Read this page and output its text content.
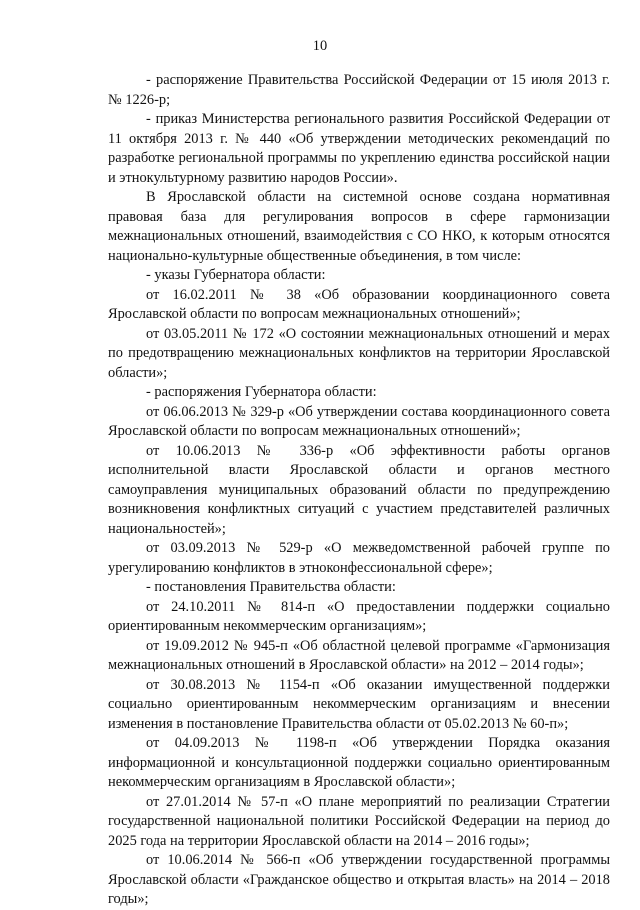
10

- распоряжение Правительства Российской Федерации от 15 июля 2013 г. № 1226-р;

- приказ Министерства регионального развития Российской Федерации от 11 октября 2013 г. № 440 «Об утверждении методических рекомендаций по разработке региональной программы по укреплению единства российской нации и этнокультурному развитию народов России».

В Ярославской области на системной основе создана нормативная правовая база для регулирования вопросов в сфере гармонизации межнациональных отношений, взаимодействия с СО НКО, к которым относятся национально-культурные общественные объединения, в том числе:

- указы Губернатора области:

от 16.02.2011 № 38 «Об образовании координационного совета Ярославской области по вопросам межнациональных отношений»;

от 03.05.2011 № 172 «О состоянии межнациональных отношений и мерах по предотвращению межнациональных конфликтов на территории Ярославской области»;

- распоряжения Губернатора области:

от 06.06.2013 № 329-р «Об утверждении состава координационного совета Ярославской области по вопросам межнациональных отношений»;

от 10.06.2013 № 336-р «Об эффективности работы органов исполнительной власти Ярославской области и органов местного самоуправления муниципальных образований области по предупреждению возникновения конфликтных ситуаций с участием представителей различных национальностей»;

от 03.09.2013 № 529-р «О межведомственной рабочей группе по урегулированию конфликтов в этноконфессиональной сфере»;

- постановления Правительства области:

от 24.10.2011 № 814-п «О предоставлении поддержки социально ориентированным некоммерческим организациям»;

от 19.09.2012 № 945-п «Об областной целевой программе «Гармонизация межнациональных отношений в Ярославской области» на 2012 – 2014 годы»;

от 30.08.2013 № 1154-п «Об оказании имущественной поддержки социально ориентированным некоммерческим организациям и внесении изменения в постановление Правительства области от 05.02.2013 № 60-п»;

от 04.09.2013 № 1198-п «Об утверждении Порядка оказания информационной и консультационной поддержки социально ориентированным некоммерческим организациям в Ярославской области»;

от 27.01.2014 № 57-п «О плане мероприятий по реализации Стратегии государственной национальной политики Российской Федерации на период до 2025 года на территории Ярославской области на 2014 – 2016 годы»;

от 10.06.2014 № 566-п «Об утверждении государственной программы Ярославской области «Гражданское общество и открытая власть» на 2014 – 2018 годы»;
